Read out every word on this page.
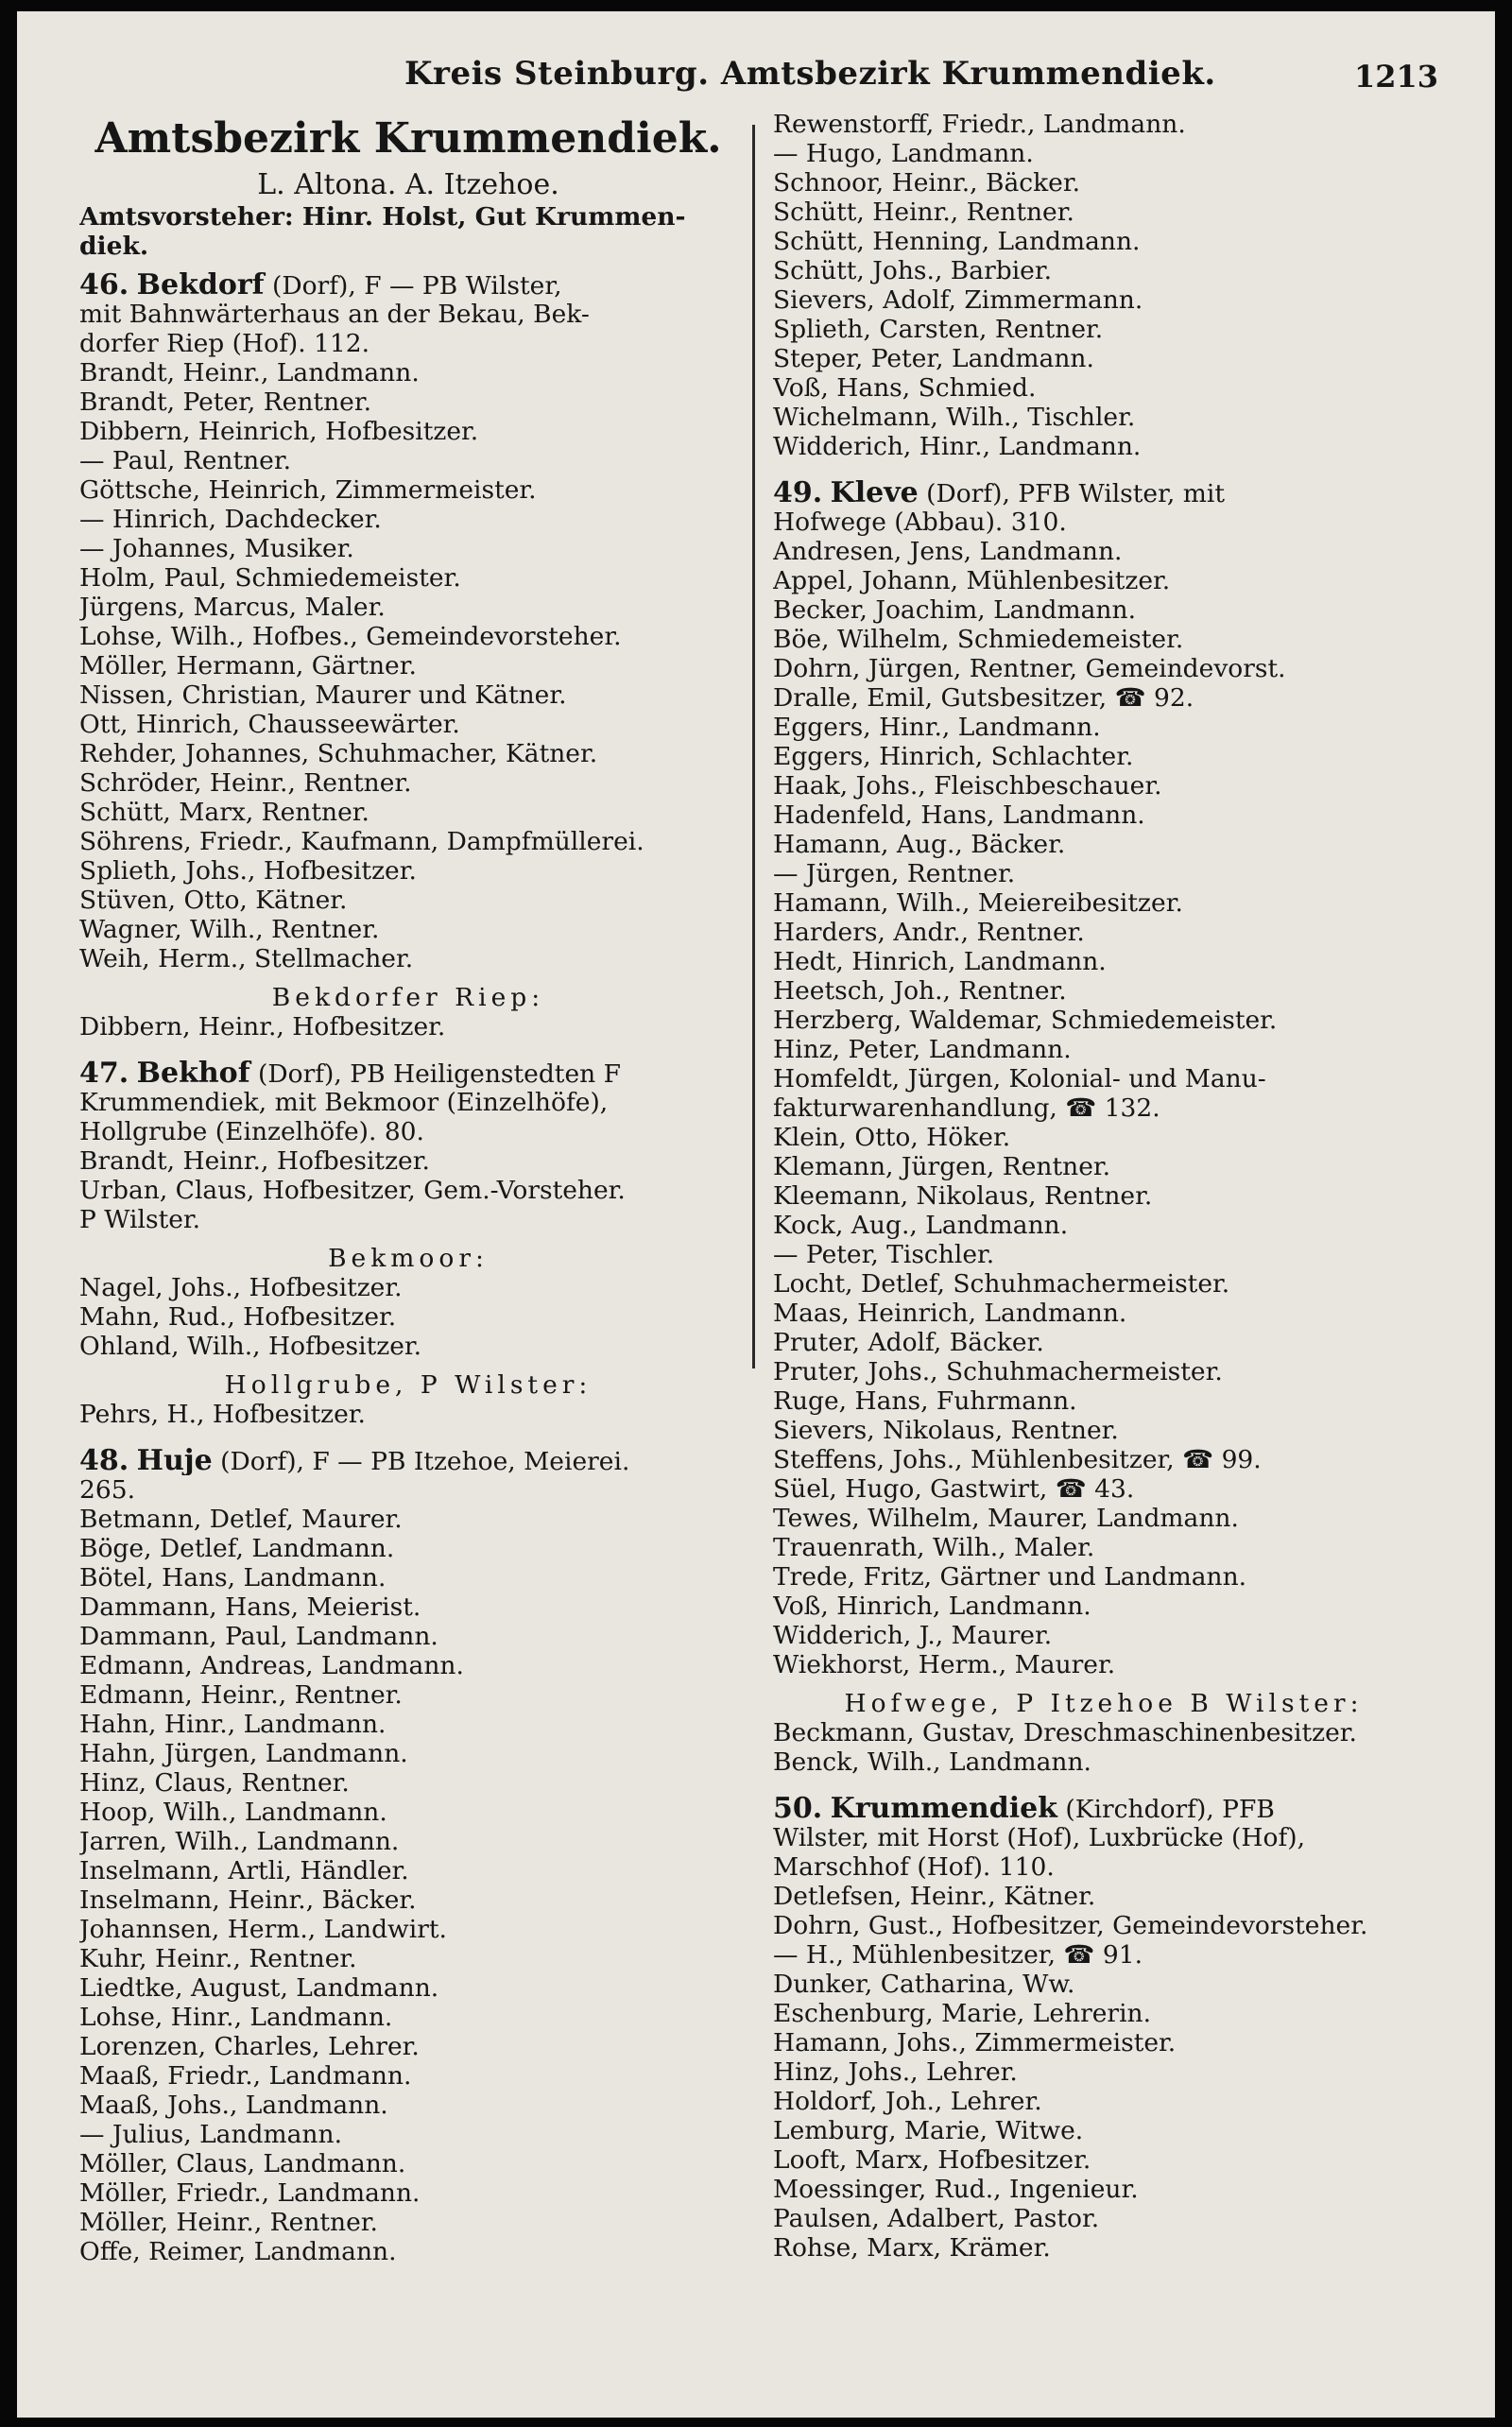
Kreis Steinburg. Amtsbezirk Krummendiek.	1213
Amtsbezirk Krummendiek.
L. Altona. A. Itzehoe.
Amtsvorsteher: Hinr. Holst, Gut Krummen-
diek.
46. Bekdorf (Dorf), F — PB Wilster,
mit Bahnwärterhaus an der Bekau, Bek-
dorfer Riep (Hof). 112.
Brandt, Heinr., Landmann.
Brandt, Peter, Rentner.
Dibbern, Heinrich, Hofbesitzer.
— Paul, Rentner.
Göttsche, Heinrich, Zimmermeister.
— Hinrich, Dachdecker.
— Johannes, Musiker.
Holm, Paul, Schmiedemeister.
Jürgens, Marcus, Maler.
Lohse, Wilh., Hofbes., Gemeindevorsteher.
Möller, Hermann, Gärtner.
Nissen, Christian, Maurer und Kätner.
Ott, Hinrich, Chausseewärter.
Rehder, Johannes, Schuhmacher, Kätner.
Schröder, Heinr., Rentner.
Schütt, Marx, Rentner.
Söhrens, Friedr., Kaufmann, Dampfmüllerei.
Splieth, Johs., Hofbesitzer.
Stüven, Otto, Kätner.
Wagner, Wilh., Rentner.
Weih, Herm., Stellmacher.
Bekdorfer Riep:
Dibbern, Heinr., Hofbesitzer.
47. Bekhof (Dorf), PB Heiligenstedten F
Krummendiek, mit Bekmoor (Einzelhöfe),
Hollgrube (Einzelhöfe). 80.
Brandt, Heinr., Hofbesitzer.
Urban, Claus, Hofbesitzer, Gem.-Vorsteher.
P Wilster.
Bekmoor:
Nagel, Johs., Hofbesitzer.
Mahn, Rud., Hofbesitzer.
Ohland, Wilh., Hofbesitzer.
Hollgrube, P Wilster:
Pehrs, H., Hofbesitzer.
48. Huje (Dorf), F — PB Itzehoe, Meierei.
265.
Betmann, Detlef, Maurer.
Böge, Detlef, Landmann.
Bötel, Hans, Landmann.
Dammann, Hans, Meierist.
Dammann, Paul, Landmann.
Edmann, Andreas, Landmann.
Edmann, Heinr., Rentner.
Hahn, Hinr., Landmann.
Hahn, Jürgen, Landmann.
Hinz, Claus, Rentner.
Hoop, Wilh., Landmann.
Jarren, Wilh., Landmann.
Inselmann, Artli, Händler.
Inselmann, Heinr., Bäcker.
Johannsen, Herm., Landwirt.
Kuhr, Heinr., Rentner.
Liedtke, August, Landmann.
Lohse, Hinr., Landmann.
Lorenzen, Charles, Lehrer.
Maaß, Friedr., Landmann.
Maaß, Johs., Landmann.
— Julius, Landmann.
Möller, Claus, Landmann.
Möller, Friedr., Landmann.
Möller, Heinr., Rentner.
Offe, Reimer, Landmann.
Rewenstorff, Friedr., Landmann.
— Hugo, Landmann.
Schnoor, Heinr., Bäcker.
Schütt, Heinr., Rentner.
Schütt, Henning, Landmann.
Schütt, Johs., Barbier.
Sievers, Adolf, Zimmermann.
Splieth, Carsten, Rentner.
Steper, Peter, Landmann.
Voß, Hans, Schmied.
Wichelmann, Wilh., Tischler.
Widderich, Hinr., Landmann.
49. Kleve (Dorf), PFB Wilster, mit
Hofwege (Abbau). 310.
Andresen, Jens, Landmann.
Appel, Johann, Mühlenbesitzer.
Becker, Joachim, Landmann.
Böe, Wilhelm, Schmiedemeister.
Dohrn, Jürgen, Rentner, Gemeindevorst.
Dralle, Emil, Gutsbesitzer, ☎ 92.
Eggers, Hinr., Landmann.
Eggers, Hinrich, Schlachter.
Haak, Johs., Fleischbeschauer.
Hadenfeld, Hans, Landmann.
Hamann, Aug., Bäcker.
— Jürgen, Rentner.
Hamann, Wilh., Meiereibesitzer.
Harders, Andr., Rentner.
Hedt, Hinrich, Landmann.
Heetsch, Joh., Rentner.
Herzberg, Waldemar, Schmiedemeister.
Hinz, Peter, Landmann.
Homfeldt, Jürgen, Kolonial- und Manu-
fakturwarenhandlung, ☎ 132.
Klein, Otto, Höker.
Klemann, Jürgen, Rentner.
Kleemann, Nikolaus, Rentner.
Kock, Aug., Landmann.
— Peter, Tischler.
Locht, Detlef, Schuhmachermeister.
Maas, Heinrich, Landmann.
Pruter, Adolf, Bäcker.
Pruter, Johs., Schuhmachermeister.
Ruge, Hans, Fuhrmann.
Sievers, Nikolaus, Rentner.
Steffens, Johs., Mühlenbesitzer, ☎ 99.
Süel, Hugo, Gastwirt, ☎ 43.
Tewes, Wilhelm, Maurer, Landmann.
Trauenrath, Wilh., Maler.
Trede, Fritz, Gärtner und Landmann.
Voß, Hinrich, Landmann.
Widderich, J., Maurer.
Wiekhorst, Herm., Maurer.
Hofwege, P Itzehoe B Wilster:
Beckmann, Gustav, Dreschmaschinenbesitzer.
Benck, Wilh., Landmann.
50. Krummendiek (Kirchdorf), PFB
Wilster, mit Horst (Hof), Luxbrücke (Hof),
Marschhof (Hof). 110.
Detlefsen, Heinr., Kätner.
Dohrn, Gust., Hofbesitzer, Gemeindevorsteher.
— H., Mühlenbesitzer, ☎ 91.
Dunker, Catharina, Ww.
Eschenburg, Marie, Lehrerin.
Hamann, Johs., Zimmermeister.
Hinz, Johs., Lehrer.
Holdorf, Joh., Lehrer.
Lemburg, Marie, Witwe.
Looft, Marx, Hofbesitzer.
Moessinger, Rud., Ingenieur.
Paulsen, Adalbert, Pastor.
Rohse, Marx, Krämer.
